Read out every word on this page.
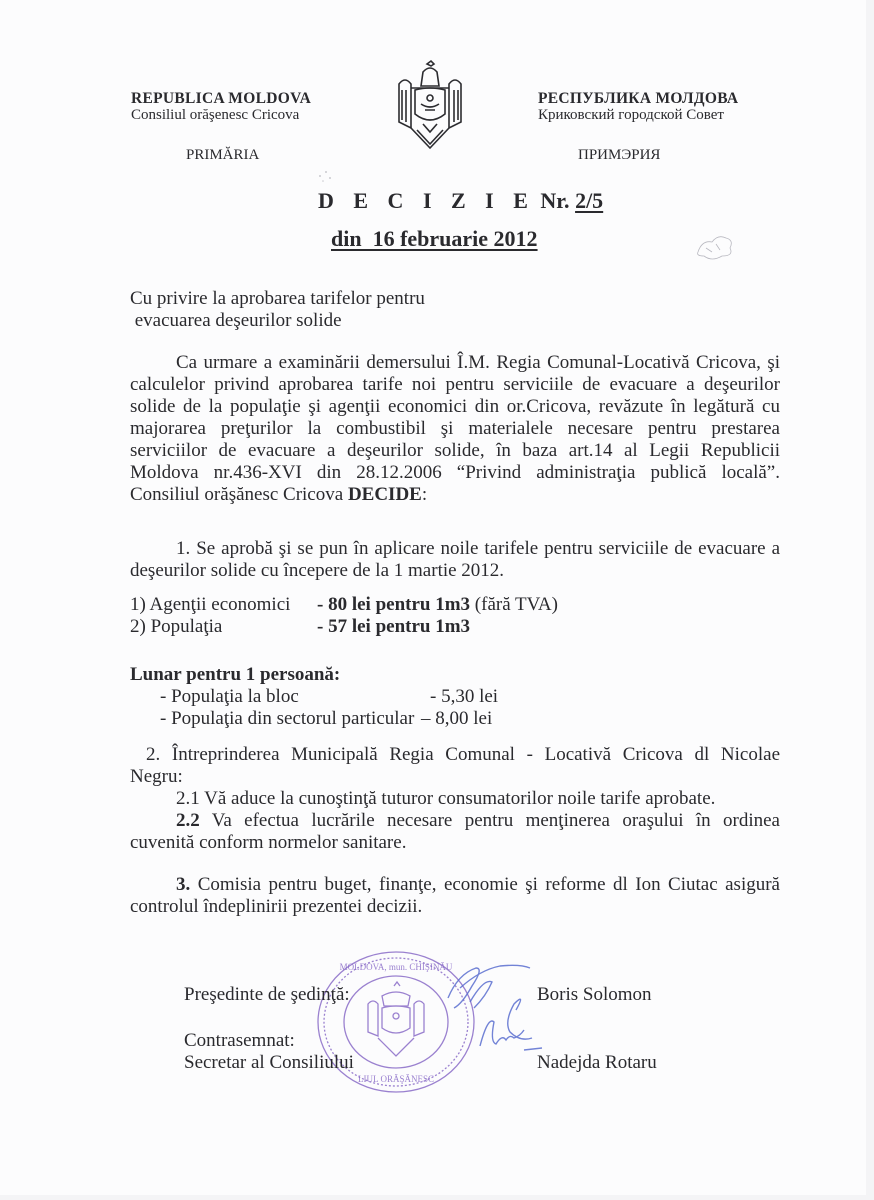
REPUBLICA MOLDOVA
Consiliul orăşenesc Cricova
PRIMĂRIA
РЕСПУБЛИКА МОЛДОВА
Криковский городской Совет
ПРИМЭРИЯ
D E C I Z I E Nr. 2/5
din  16 februarie 2012
Cu privire la aprobarea tarifelor pentru
evacuarea deşeurilor solide
Ca urmare a examinării demersului Î.M. Regia Comunal-Locativă Cricova, şi
calculelor privind aprobarea tarife noi pentru serviciile de evacuare a deşeurilor
solide de la populaţie şi agenţii economici din or.Cricova, revăzute în legătură cu
majorarea preţurilor la combustibil şi materialele necesare pentru prestarea
serviciilor de evacuare a deşeurilor solide, în baza art.14 al Legii Republicii
Moldova nr.436-XVI din 28.12.2006 “Privind administraţia publică locală”.
Consiliul orăşănesc Cricova DECIDE:
1. Se aprobă şi se pun în aplicare noile tarifele pentru serviciile de evacuare a
deşeurilor solide cu începere de la 1 martie 2012.
1) Agenţii economici - 80 lei pentru 1m3 (fără TVA)
2) Populaţia	- 57 lei pentru 1m3
Lunar pentru 1 persoană:
- Populaţia la bloc	- 5,30 lei
- Populaţia din sectorul particular – 8,00 lei
2. Întreprinderea Municipală Regia Comunal - Locativă Cricova dl Nicolae
Negru:
2.1 Vă aduce la cunoştinţă tuturor consumatorilor noile tarife aprobate.
2.2 Va efectua lucrările necesare pentru menţinerea oraşului în ordinea
cuvenită conform normelor sanitare.
3. Comisia pentru buget, finanţe, economie şi reforme dl Ion Ciutac asigură
controlul îndeplinirii prezentei decizii.
MOLDOVA, mun. CHIŞINĂU
LIUL ORĂŞĂNESC
Preşedinte de şedinţă:	Boris Solomon
Contrasemnat:
Secretar al Consiliului	Nadejda Rotaru
